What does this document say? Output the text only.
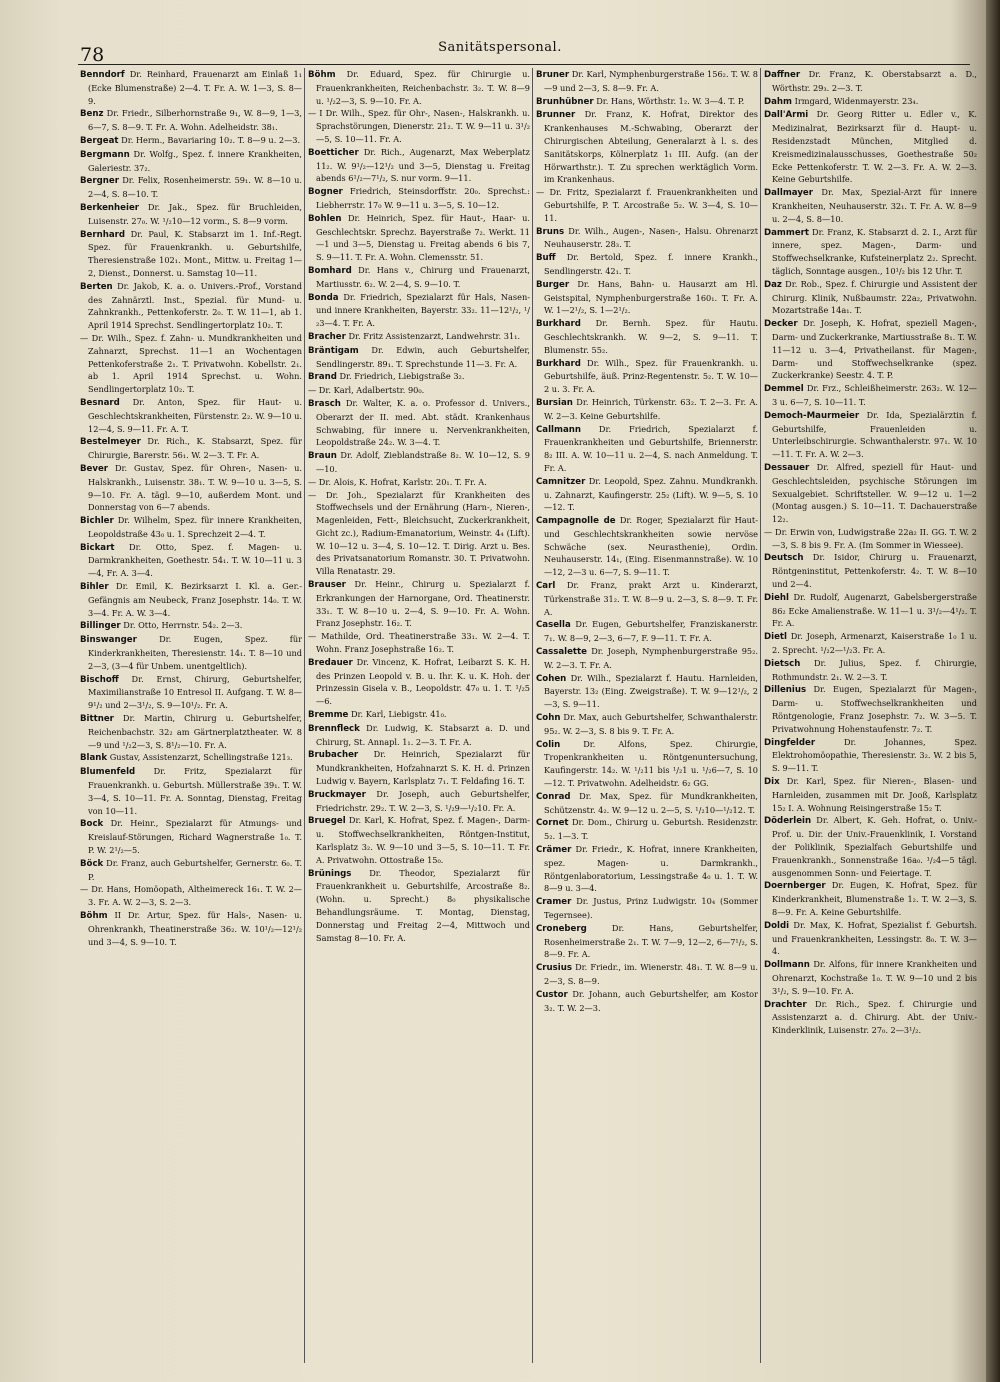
78	Sanitätspersonal.

Benndorf Dr. Reinhard, Frauenarzt am Einlaß 1₁ (Ecke Blumenstraße) 2—4. T. Fr. A. W. 1—3, S. 8—9.

Benz Dr. Friedr., Silberhornstraße 9₁, W. 8—9, 1—3, 6—7, S. 8—9. T. Fr. A. Wohn. Adelheidstr. 38₁.

Bergeat Dr. Herm., Bavariaring 10₂. T. 8—9 u. 2—3.

Bergmann Dr. Wolfg., Spez. f. innere Krankheiten, Galeriestr. 37₂.

Bergner Dr. Felix, Rosenheimerstr. 59₁. W. 8—10 u. 2—4, S. 8—10. T.

Berkenheier Dr. Jak., Spez. für Bruchleiden, Luisenstr. 27₀. W. ¹/₂10—12 vorm., S. 8—9 vorm.

Bernhard Dr. Paul, K. Stabsarzt im 1. Inf.-Regt. Spez. für Frauenkrankh. u. Geburtshilfe, Theresienstraße 102₁. Mont., Mittw. u. Freitag 1—2, Dienst., Donnerst. u. Samstag 10—11.

Berten Dr. Jakob, K. a. o. Univers.-Prof., Vorstand des Zahnärztl. Inst., Spezial. für Mund- u. Zahnkrankh., Pettenkoferstr. 2₀. T. W. 11—1, ab 1. April 1914 Sprechst. Sendlingertorplatz 10₂. T.

— Dr. Wilh., Spez. f. Zahn- u. Mundkrankheiten und Zahnarzt, Sprechst. 11—1 an Wochentagen Pettenkoferstraße 2₁. T. Privatwohn. Kobellstr. 2₁. ab 1. April 1914 Sprechst. u. Wohn. Sendlingertorplatz 10₂. T.

Besnard Dr. Anton, Spez. für Haut- u. Geschlechtskrankheiten, Fürstenstr. 2₂. W. 9—10 u. 12—4, S. 9—11. Fr. A. T.

Bestelmeyer Dr. Rich., K. Stabsarzt, Spez. für Chirurgie, Barerstr. 56₁. W. 2—3. T. Fr. A.

Bever Dr. Gustav, Spez. für Ohren-, Nasen- u. Halskrankh., Luisenstr. 38₁. T. W. 9—10 u. 3—5, S. 9—10. Fr. A. tägl. 9—10, außerdem Mont. und Donnerstag von 6—7 abends.

Bichler Dr. Wilhelm, Spez. für innere Krankheiten, Leopoldstraße 43₀ u. 1. Sprechzeit 2—4. T.

Bickart Dr. Otto, Spez. f. Magen- u. Darmkrankheiten, Goethestr. 54₁. T. W. 10—11 u. 3—4, Fr. A. 3—4.

Bihler Dr. Emil, K. Bezirksarzt I. Kl. a. Ger.-Gefängnis am Neubeck, Franz Josephstr. 14₀. T. W. 3—4. Fr. A. W. 3—4.

Billinger Dr. Otto, Herrnstr. 54₂. 2—3.

Binswanger	Dr. Eugen, Spez. für Kinderkrankheiten, Theresienstr. 14₁. T. 8—10 und 2—3, (3—4 für Unbem. unentgeltlich).

Bischoff Dr. Ernst, Chirurg, Geburtshelfer, Maximilianstraße 10 Entresol II. Aufgang. T. W. 8—9¹/₂ und 2—3¹/₂, S. 9—10¹/₂. Fr. A.

Bittner Dr. Martin, Chirurg u. Geburtshelfer, Reichenbachstr. 32₂ am Gärtnerplatztheater. W. 8—9 und ¹/₂2—3, S. 8¹/₂—10. Fr. A.

Blank Gustav, Assistenzarzt, Schellingstraße 121₃.

Blumenfeld Dr. Fritz, Spezialarzt für Frauenkrankh. u. Geburtsh. Müllerstraße 39₁. T. W. 3—4, S. 10—11. Fr. A. Sonntag, Dienstag, Freitag von 10—11.

Bock Dr. Heinr., Spezialarzt für Atmungs- und Kreislauf-Störungen, Richard Wagnerstraße 1₀. T. P. W. 2¹/₂—5.

Böck Dr. Franz, auch Geburtshelfer, Gernerstr. 6₀. T. P.

— Dr. Hans, Homöopath, Altheimereck 16₁. T. W. 2—3. Fr. A. W. 2—3, S. 2—3.

Böhm II Dr. Artur, Spez. für Hals-, Nasen- u. Ohrenkrankh, Theatinerstraße 36₂. W. 10¹/₂—12¹/₂ und 3—4, S. 9—10. T.

Böhm Dr. Eduard, Spez. für Chirurgie u. Frauenkrankheiten, Reichenbachstr. 3₂. T. W. 8—9 u. ¹/₂2—3, S. 9—10. Fr. A.

— I Dr. Wilh., Spez. für Ohr-, Nasen-, Halskrankh. u. Sprachstörungen, Dienerstr. 21₂. T. W. 9—11 u. 3¹/₂—5, S. 10—11. Fr. A.

Boetticher Dr. Rich., Augenarzt, Max Weberplatz 11₂. W. 9¹/₂—12¹/₂ und 3—5, Dienstag u. Freitag abends 6¹/₂—7¹/₂, S. nur vorm. 9—11.

Bogner Friedrich, Steinsdorffstr. 20₀. Sprechst.: Liebherrstr. 17₀ W. 9—11 u. 3—5, S. 10—12.

Bohlen Dr. Heinrich, Spez. für Haut-, Haar- u. Geschlechtskr. Sprechz. Bayerstraße 7₂. Werkt. 11—1 und 3—5, Dienstag u. Freitag abends 6 bis 7, S. 9—11. T. Fr. A. Wohn. Clemensstr. 51.

Bomhard Dr. Hans v., Chirurg und Frauenarzt, Martiusstr. 6₂. W. 2—4, S. 9—10. T.

Bonda Dr. Friedrich, Spezialarzt für Hals, Nasen- und innere Krankheiten, Bayerstr. 33₂. 11—12¹/₂, ¹/₂3—4. T. Fr. A.

Bracher Dr. Fritz Assistenzarzt, Landwehrstr. 31₁.

Bräntigam Dr. Edwin, auch Geburtshelfer, Sendlingerstr. 89₁. T. Sprechstunde 11—3. Fr. A.

Brand Dr. Friedrich, Liebigstraße 3₂.

— Dr. Karl, Adalbertstr. 90₀.

Brasch Dr. Walter, K. a. o. Professor d. Univers., Oberarzt der II. med. Abt. städt. Krankenhaus Schwabing, für innere u. Nervenkrankheiten, Leopoldstraße 24₂. W. 3—4. T.

Braun Dr. Adolf, Zieblandstraße 8₂. W. 10—12, S. 9—10.

— Dr. Alois, K. Hofrat, Karlstr. 20₁. T. Fr. A.

— Dr. Joh., Spezialarzt für Krankheiten des Stoffwechsels und der Ernährung (Harn-, Nieren-, Magenleiden, Fett-, Bleichsucht, Zuckerkrankheit, Gicht zc.), Radium-Emanatorium, Weinstr. 4₄ (Lift). W. 10—12 u. 3—4, S. 10—12. T. Dirig. Arzt u. Bes. des Privatsanatorium Romanstr. 30. T. Privatwohn. Villa Renatastr. 29.

Brauser Dr. Heinr., Chirurg u. Spezialarzt f. Erkrankungen der Harnorgane, Ord. Theatinerstr. 33₁. T. W. 8—10 u. 2—4, S. 9—10. Fr. A. Wohn. Franz Josephstr. 16₂. T.

— Mathilde, Ord. Theatinerstraße 33₁. W. 2—4. T. Wohn. Franz Josephstraße 16₂. T.

Bredauer Dr. Vincenz, K. Hofrat, Leibarzt S. K. H. des Prinzen Leopold v. B. u. Ihr. K. u. K. Hoh. der Prinzessin Gisela v. B., Leopoldstr. 47₀ u. 1. T. ¹/₂5—6.

Bremme Dr. Karl, Liebigstr. 41₀.

Brennfleck Dr. Ludwig, K. Stabsarzt a. D. und Chirurg, St. Annapl. 1₁. 2—3. T. Fr. A.

Brubacher Dr. Heinrich, Spezialarzt für Mundkrankheiten, Hofzahnarzt S. K. H. d. Prinzen Ludwig v. Bayern, Karlsplatz 7₁. T. Feldafing 16. T.

Bruckmayer Dr. Joseph, auch Geburtshelfer, Friedrichstr. 29₂. T. W. 2—3, S. ¹/₂9—¹/₂10. Fr. A.

Bruegel Dr. Karl, K. Hofrat, Spez. f. Magen-, Darm- u. Stoffwechselkrankheiten, Röntgen-Institut, Karlsplatz 3₂. W. 9—10 und 3—5, S. 10—11. T. Fr. A. Privatwohn. Ottostraße 15₀.

Brünings Dr. Theodor, Spezialarzt für Frauenkrankheit u. Geburtshilfe, Arcostraße 8₂. (Wohn. u. Sprecht.) 8₀ physikalische Behandlungsräume. T. Montag, Dienstag, Donnerstag und Freitag 2—4, Mittwoch und Samstag 8—10. Fr. A.

Bruner Dr. Karl, Nymphenburgerstraße 156₂. T. W. 8—9 und 2—3, S. 8—9. Fr. A.

Brunhübner Dr. Hans, Wörthstr. 1₂. W. 3—4. T. P.

Brunner Dr. Franz, K. Hofrat, Direktor des Krankenhauses M.-Schwabing, Oberarzt der Chirurgischen Abteilung, Generalarzt à l. s. des Sanitätskorps, Kölnerplatz 1₁ III. Aufg. (an der Hörwarthstr.). T. Zu sprechen werktäglich Vorm. im Krankenhaus.

— Dr. Fritz, Spezialarzt f. Frauenkrankheiten und Geburtshilfe, P. T. Arcostraße 5₂. W. 3—4, S. 10—11.

Bruns Dr. Wilh., Augen-, Nasen-, Halsu. Ohrenarzt Neuhauserstr. 28₃. T.

Buff Dr. Bertold, Spez. f. innere Krankh., Sendlingerstr. 42₁. T.

Burger Dr. Hans, Bahn- u. Hausarzt am Hl. Geistspital, Nymphenburgerstraße 160₁. T. Fr. A. W. 1—2¹/₂, S. 1—2¹/₂.

Burkhard Dr. Bernh. Spez. für Hautu. Geschlechtskrankh. W. 9—2, S. 9—11. T. Blumenstr. 55₂.

Burkhard Dr. Wilh., Spez. für Frauenkrankh. u. Geburtshilfe, äuß. Prinz-Regentenstr. 5₂. T. W. 10—2 u. 3. Fr. A.

Bursian Dr. Heinrich, Türkenstr. 63₂. T. 2—3. Fr. A. W. 2—3. Keine Geburtshilfe.

Callmann Dr. Friedrich, Spezialarzt f. Frauenkrankheiten und Geburtshilfe, Briennerstr. 8₂ III. A. W. 10—11 u. 2—4, S. nach Anmeldung. T. Fr. A.

Camnitzer Dr. Leopold, Spez. Zahnu. Mundkrankh. u. Zahnarzt, Kaufingerstr. 25₂ (Lift). W. 9—5, S. 10—12. T.

Campagnolle de Dr. Roger, Spezialarzt für Haut- und Geschlechtskrankheiten sowie nervöse Schwäche (sex. Neurasthenie), Ordin. Neuhauserstr. 14₁, (Eing. Eisenmannstraße). W. 10—12, 2—3 u. 6—7, S. 9—11. T.

Carl Dr. Franz, prakt Arzt u. Kinderarzt, Türkenstraße 31₂. T. W. 8—9 u. 2—3, S. 8—9. T. Fr. A.

Casella Dr. Eugen, Geburtshelfer, Franziskanerstr. 7₁. W. 8—9, 2—3, 6—7, F. 9—11. T. Fr. A.

Cassalette Dr. Joseph, Nymphenburgerstraße 95₂. W. 2—3. T. Fr. A.

Cohen Dr. Wilh., Spezialarzt f. Hautu. Harnleiden, Bayerstr. 13₂ (Eing. Zweigstraße). T. W. 9—12¹/₂, 2—3, S. 9—11.

Cohn Dr. Max, auch Geburtshelfer, Schwanthalerstr. 95₂. W. 2—3, S. 8 bis 9. T. Fr. A.

Colin	Dr. Alfons, Spez. Chirurgie, Tropenkrankheiten u. Röntgenuntersuchung, Kaufingerstr. 14₂. W. ¹/₂11 bis ¹/₂1 u. ¹/₂6—7, S. 10—12. T. Privatwohn. Adelheidstr. 6₂ GG.

Conrad Dr. Max, Spez. für Mundkrankheiten, Schützenstr. 4₂. W. 9—12 u. 2—5, S. ¹/₂10—¹/₂12. T.

Cornet Dr. Dom., Chirurg u. Geburtsh. Residenzstr. 5₂. 1—3. T.

Crämer Dr. Friedr., K. Hofrat, innere Krankheiten, spez. Magen- u. Darmkrankh., Röntgenlaboratorium, Lessingstraße 4₀ u. 1. T. W. 8—9 u. 3—4.

Cramer Dr. Justus, Prinz Ludwigstr. 10₄ (Sommer Tegernsee).

Croneberg	Dr. Hans, Geburtshelfer, Rosenheimerstraße 2₁. T. W. 7—9, 12—2, 6—7¹/₂, S. 8—9. Fr. A.

Crusius Dr. Friedr., im. Wienerstr. 48₁. T. W. 8—9 u. 2—3, S. 8—9.

Custor Dr. Johann, auch Geburtshelfer, am Kostor 3₂. T. W. 2—3.

Daffner Dr. Franz, K. Oberstabsarzt a. D., Wörthstr. 29₃. 2—3. T.

Dahm Irmgard, Widenmayerstr. 23₄.

Dall'Armi Dr. Georg Ritter u. Edler v., K. Medizinalrat, Bezirksarzt für d. Haupt- u. Residenzstadt München, Mitglied d. Kreismedizinalausschusses, Goethestraße 50₂ Ecke Pettenkoferstr. T. W. 2—3. Fr. A. W. 2—3. Keine Geburtshilfe.

Dallmayer Dr. Max, Spezial-Arzt für innere Krankheiten, Neuhauserstr. 32₁. T. Fr. A. W. 8—9 u. 2—4, S. 8—10.

Dammert Dr. Franz, K. Stabsarzt d. 2. I., Arzt für innere, spez. Magen-, Darm- und Stoffwechselkranke, Kufsteinerplatz 2₂. Sprecht. täglich, Sonntage ausgen., 10¹/₂ bis 12 Uhr. T.

Daz Dr. Rob., Spez. f. Chirurgie und Assistent der Chirurg. Klinik, Nußbaumstr. 22a₂, Privatwohn. Mozartstraße 14a₁. T.

Decker Dr. Joseph, K. Hofrat, speziell Magen-, Darm- und Zuckerkranke, Martiusstraße 8₁. T. W. 11—12 u. 3—4, Privatheilanst. für Magen-, Darm- und Stoffwechselkranke (spez. Zuckerkranke) Seestr. 4. T. P.

Demmel Dr. Frz., Schleißheimerstr. 263₂. W. 12—3 u. 6—7, S. 10—11. T.

Democh-Maurmeier Dr. Ida, Spezialärztin f. Geburtshilfe, Frauenleiden u. Unterleibschirurgie. Schwanthalerstr. 97₁. W. 10—11. T. Fr. A. W. 2—3.

Dessauer Dr. Alfred, speziell für Haut- und Geschlechtsleiden, psychische Störungen im Sexualgebiet. Schriftsteller. W. 9—12 u. 1—2 (Montag ausgen.) S. 10—11. T. Dachauerstraße 12₂.

— Dr. Erwin von, Ludwigstraße 22a₂ II. GG. T. W. 2—3, S. 8 bis 9. Fr. A. (Im Sommer in Wiessee).

Deutsch Dr. Isidor, Chirurg u. Frauenarzt, Röntgeninstitut, Pettenkoferstr. 4₂. T. W. 8—10 und 2—4.

Diehl Dr. Rudolf, Augenarzt, Gabelsbergerstraße 86₂ Ecke Amalienstraße. W. 11—1 u. 3¹/₂—4¹/₂. T. Fr. A.

Dietl Dr. Joseph, Armenarzt, Kaiserstraße 1₀ 1 u. 2. Sprecht. ¹/₂2—¹/₂3. Fr. A.

Dietsch Dr. Julius, Spez. f. Chirurgie, Rothmundstr. 2₁. W. 2—3. T.

Dillenius Dr. Eugen, Spezialarzt für Magen-, Darm- u. Stoffwechselkrankheiten und Röntgenologie, Franz Josephstr. 7₂. W. 3—5. T. Privatwohnung Hohenstaufenstr. 7₂. T.

Dingfelder	Dr. Johannes, Spez. Elektrohomöopathie, Theresienstr. 3₂. W. 2 bis 5, S. 9—11. T.

Dix Dr. Karl, Spez. für Nieren-, Blasen- und Harnleiden, zusammen mit Dr. Jooß, Karlsplatz 15₂ I. A. Wohnung Reisingerstraße 15₂ T.

Döderlein Dr. Albert, K. Geh. Hofrat, o. Univ.-Prof. u. Dir. der Univ.-Frauenklinik, I. Vorstand der Poliklinik, Spezialfach Geburtshilfe und Frauenkrankh., Sonnenstraße 16a₀. ¹/₂4—5 tägl. ausgenommen Sonn- und Feiertage. T.

Doernberger Dr. Eugen, K. Hofrat, Spez. für Kinderkrankheit, Blumenstraße 1₂. T. W. 2—3, S. 8—9. Fr. A. Keine Geburtshilfe.

Doldi Dr. Max, K. Hofrat, Spezialist f. Geburtsh. und Frauenkrankheiten, Lessingstr. 8₀. T. W. 3—4.

Dollmann Dr. Alfons, für innere Krankheiten und Ohrenarzt, Kochstraße 1₀. T. W. 9—10 und 2 bis 3¹/₂, S. 9—10. Fr. A.

Drachter Dr. Rich., Spez. f. Chirurgie und Assistenzarzt a. d. Chirurg. Abt. der Univ.-Kinderklinik, Luisenstr. 27₀. 2—3¹/₂.
